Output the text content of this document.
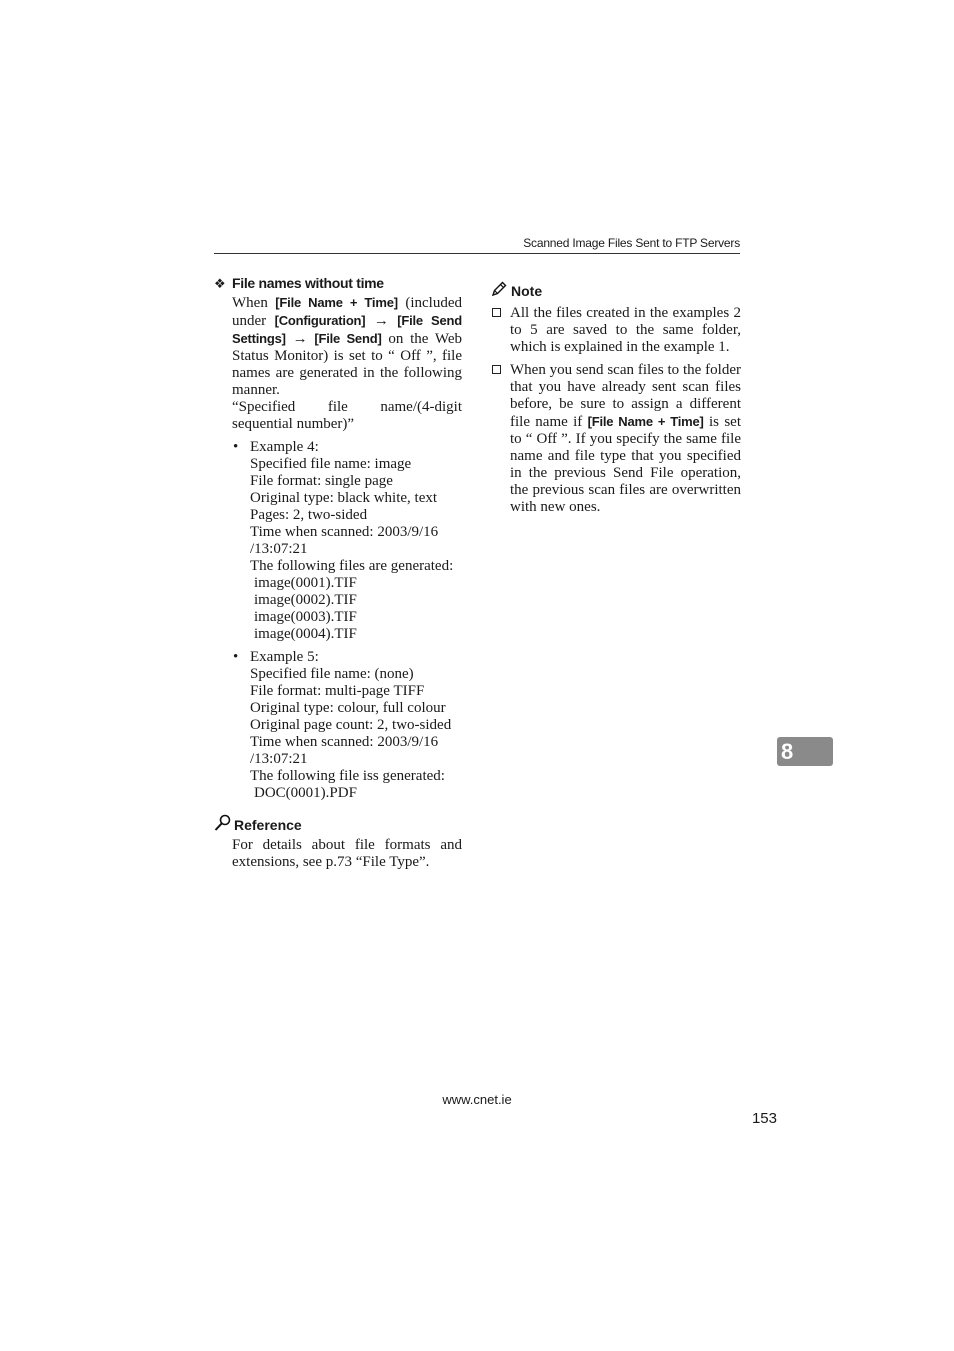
Scanned Image Files Sent to FTP Servers
❖ File names without time
When [File Name + Time] (included under [Configuration] → [File Send Settings] → [File Send] on the Web Status Monitor) is set to “ Off ”, file names are generated in the following manner.
“Specified file name/(4-digit sequential number)”
• Example 4:
Specified file name: image
File format: single page
Original type: black white, text
Pages: 2, two-sided
Time when scanned: 2003/9/16 /13:07:21
The following files are generated:
image(0001).TIF
image(0002).TIF
image(0003).TIF
image(0004).TIF
• Example 5:
Specified file name: (none)
File format: multi-page TIFF
Original type: colour, full colour
Original page count: 2, two-sided
Time when scanned: 2003/9/16 /13:07:21
The following file iss generated:
DOC(0001).PDF
Reference
For details about file formats and extensions, see p.73 “File Type”.
Note
All the files created in the examples 2 to 5 are saved to the same folder, which is explained in the example 1.
When you send scan files to the folder that you have already sent scan files before, be sure to assign a different file name if [File Name + Time] is set to “ Off ”. If you specify the same file name and file type that you specified in the previous Send File operation, the previous scan files are overwritten with new ones.
8
www.cnet.ie
153
